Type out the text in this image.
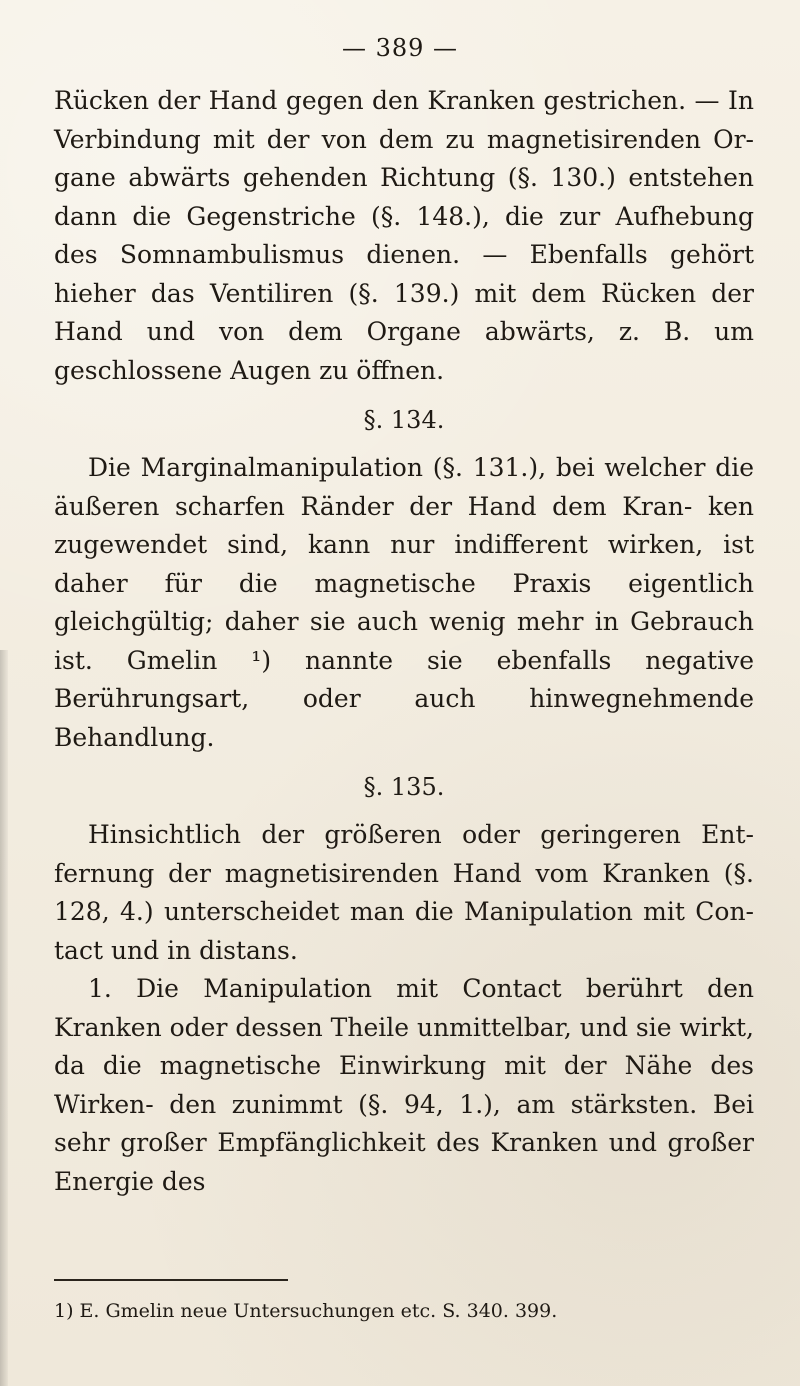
— 389 —

Rücken der Hand gegen den Kranken gestrichen. — In Verbindung mit der von dem zu magnetisirenden Or- gane abwärts gehenden Richtung (§. 130.) entstehen dann die Gegenstriche (§. 148.), die zur Aufhebung des Somnambulismus dienen. — Ebenfalls gehört hieher das Ventiliren (§. 139.) mit dem Rücken der Hand und von dem Organe abwärts, z. B. um geschlossene Augen zu öffnen.

§. 134.

Die Marginalmanipulation (§. 131.), bei welcher die äußeren scharfen Ränder der Hand dem Kran- ken zugewendet sind, kann nur indifferent wirken, ist daher für die magnetische Praxis eigentlich gleichgültig; daher sie auch wenig mehr in Gebrauch ist. Gmelin ¹) nannte sie ebenfalls negative Berührungsart, oder auch hinwegnehmende Behandlung.

§. 135.

Hinsichtlich der größeren oder geringeren Ent- fernung der magnetisirenden Hand vom Kranken (§. 128, 4.) unterscheidet man die Manipulation mit Con- tact und in distans.

1. Die Manipulation mit Contact berührt den Kranken oder dessen Theile unmittelbar, und sie wirkt, da die magnetische Einwirkung mit der Nähe des Wirken- den zunimmt (§. 94, 1.), am stärksten. Bei sehr großer Empfänglichkeit des Kranken und großer Energie des

1) E. Gmelin neue Untersuchungen etc. S. 340. 399.
